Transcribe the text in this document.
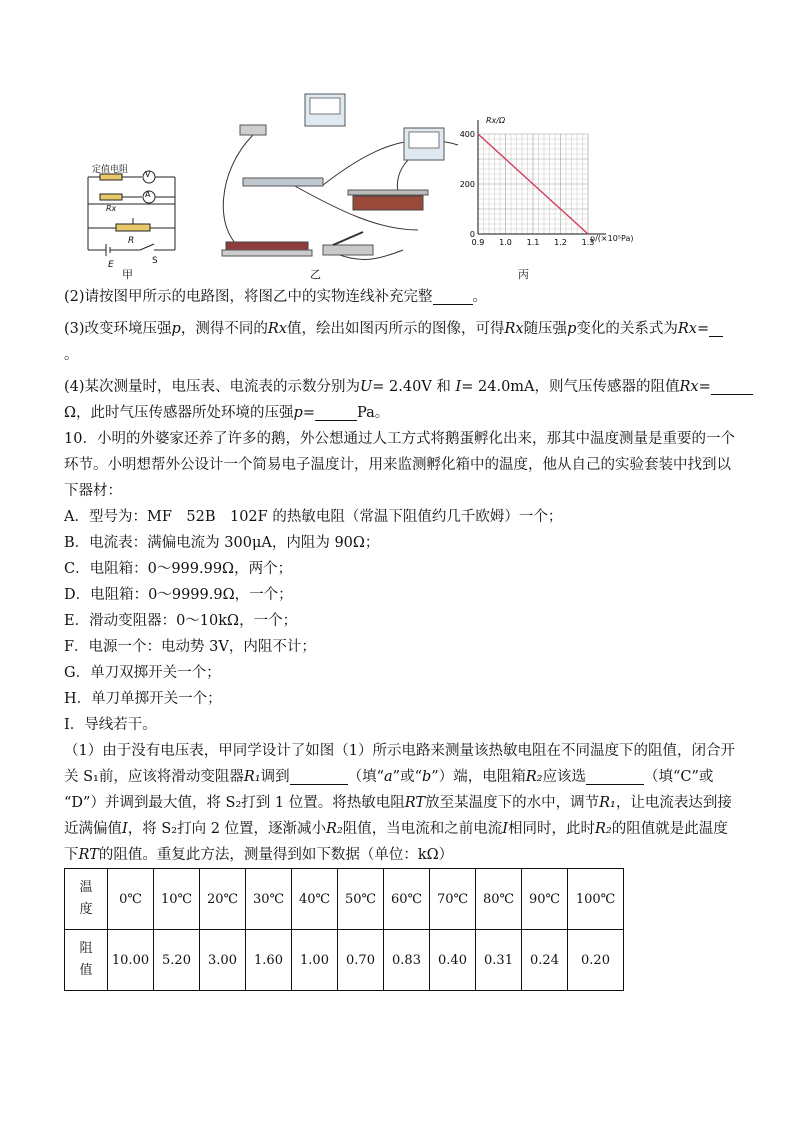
定值电阻 V
A
Rx
R
E	S
甲	乙
0.9 1.0 1.1 1.2 1.3
400
200
0
Rx/Ω
p/(×10⁵Pa)
丙
(2)请按图甲所示的电路图，将图乙中的实物连线补充完整	。
(3)改变环境压强p，测得不同的Rx值，绘出如图丙所示的图像，可得Rx随压强p变化的关系式为Rx=
。
(4)某次测量时，电压表、电流表的示数分别为U= 2.40V 和 I= 24.0mA，则气压传感器的阻值Rx=
Ω，此时气压传感器所处环境的压强p=	Pa。
10．小明的外婆家还养了许多的鹅，外公想通过人工方式将鹅蛋孵化出来，那其中温度测量是重要的一个
环节。小明想帮外公设计一个简易电子温度计，用来监测孵化箱中的温度，他从自己的实验套装中找到以
下器材：
A．型号为：MF　52B　102F 的热敏电阻（常温下阻值约几千欧姆）一个；
B．电流表：满偏电流为 300μA，内阻为 90Ω；
C．电阻箱：0～999.99Ω，两个；
D．电阻箱：0～9999.9Ω，一个；
E．滑动变阻器：0～10kΩ，一个；
F．电源一个：电动势 3V，内阻不计；
G．单刀双掷开关一个；
H．单刀单掷开关一个；
I．导线若干。
（1）由于没有电压表，甲同学设计了如图（1）所示电路来测量该热敏电阻在不同温度下的阻值，闭合开
关 S₁前，应该将滑动变阻器R₁调到	（填“a”或“b”）端，电阻箱R₂应该选	（填“C”或
“D”）并调到最大值，将 S₂打到 1 位置。将热敏电阻RT放至某温度下的水中，调节R₁，让电流表达到接
近满偏值I，将 S₂打向 2 位置，逐渐减小R₂阻值，当电流和之前电流I相同时，此时R₂的阻值就是此温度
下RT的阻值。重复此方法，测量得到如下数据（单位：kΩ）
温
度	0℃	10℃	20℃	30℃	40℃	50℃	60℃	70℃	80℃	90℃	100℃

阻
值	10.00	5.20	3.00	1.60	1.00	0.70	0.83	0.40	0.31	0.24	0.20
